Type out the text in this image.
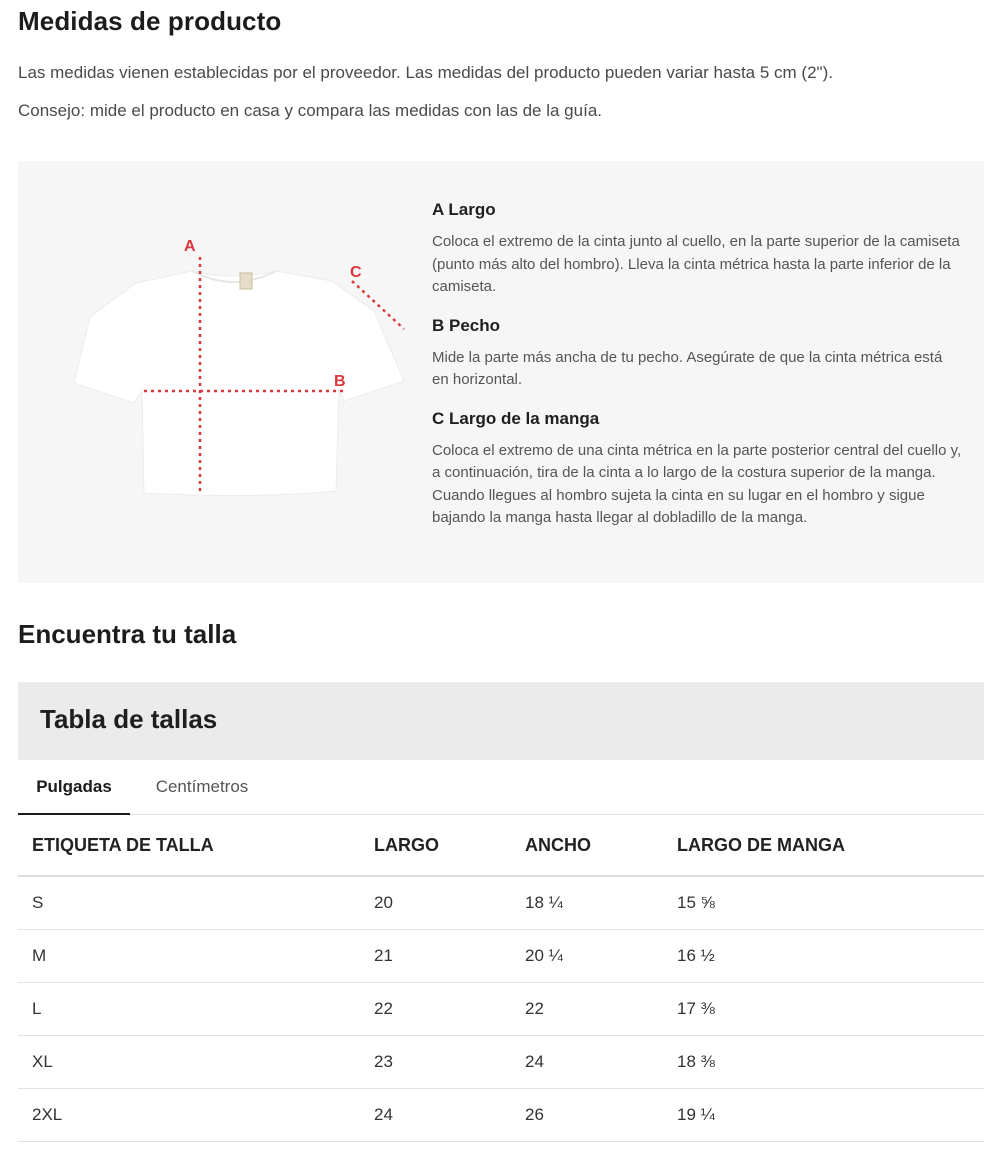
Medidas de producto

Las medidas vienen establecidas por el proveedor. Las medidas del producto pueden variar hasta 5 cm (2").

Consejo: mide el producto en casa y compara las medidas con las de la guía.

A
B
C
A Largo

Coloca el extremo de la cinta junto al cuello, en la parte superior de la camiseta (punto más alto del hombro). Lleva la cinta métrica hasta la parte inferior de la camiseta.

B Pecho

Mide la parte más ancha de tu pecho. Asegúrate de que la cinta métrica está en horizontal.

C Largo de la manga

Coloca el extremo de una cinta métrica en la parte posterior central del cuello y, a continuación, tira de la cinta a lo largo de la costura superior de la manga. Cuando llegues al hombro sujeta la cinta en su lugar en el hombro y sigue bajando la manga hasta llegar al dobladillo de la manga.

Encuentra tu talla
Tabla de tallas
Pulgadas	Centímetros
ETIQUETA DE TALLA	LARGO	ANCHO	LARGO DE MANGA
S	20	18 ¼	15 ⅝
M	21	20 ¼	16 ½
L	22	22	17 ⅜
XL	23	24	18 ⅜
2XL	24	26	19 ¼
